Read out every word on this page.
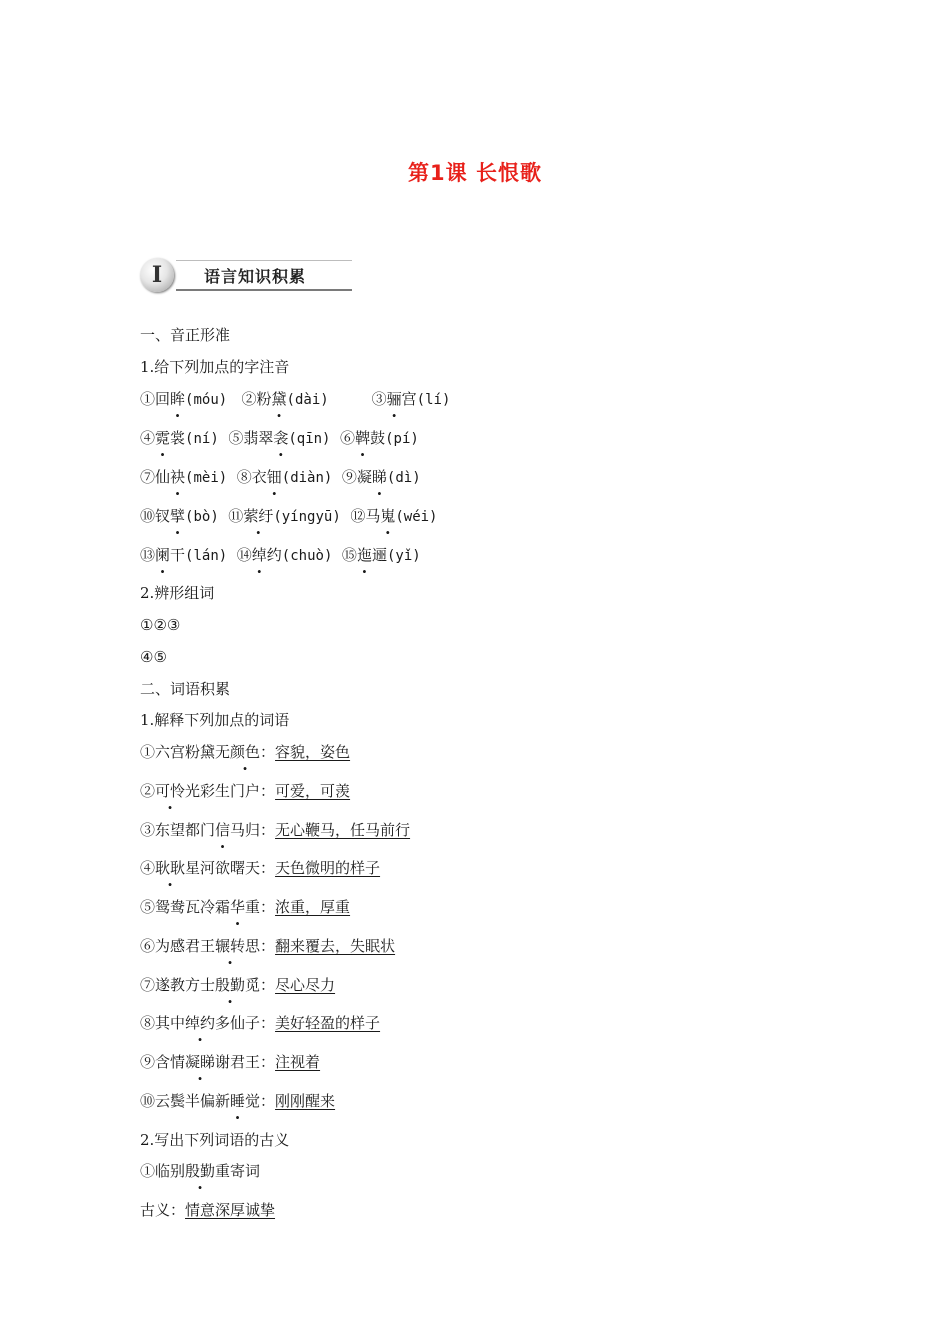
第1课 长恨歌
I	语言知识积累
一、音正形准
1.给下列加点的字注音
①回眸(móu) ②粉黛(dài)	③骊宫(lí)
④霓裳(ní) ⑤翡翠衾(qīn) ⑥鞞鼓(pí)
⑦仙袂(mèi) ⑧衣钿(diàn) ⑨凝睇(dì)
⑩钗擘(bò) ⑪萦纡(yíngyū) ⑫马嵬(wéi)
⑬阑干(lán) ⑭绰约(chuò) ⑮迤逦(yǐ)
2.辨形组词
①②③
④⑤
二、词语积累
1.解释下列加点的词语
①六宫粉黛无颜色：容貌，姿色
②可怜光彩生门户：可爱，可羡
③东望都门信马归：无心鞭马，任马前行
④耿耿星河欲曙天：天色微明的样子
⑤鸳鸯瓦冷霜华重：浓重，厚重
⑥为感君王辗转思：翻来覆去，失眠状
⑦遂教方士殷勤觅：尽心尽力
⑧其中绰约多仙子：美好轻盈的样子
⑨含情凝睇谢君王：注视着
⑩云鬓半偏新睡觉：刚刚醒来
2.写出下列词语的古义
①临别殷勤重寄词
古义：情意深厚诚挚
